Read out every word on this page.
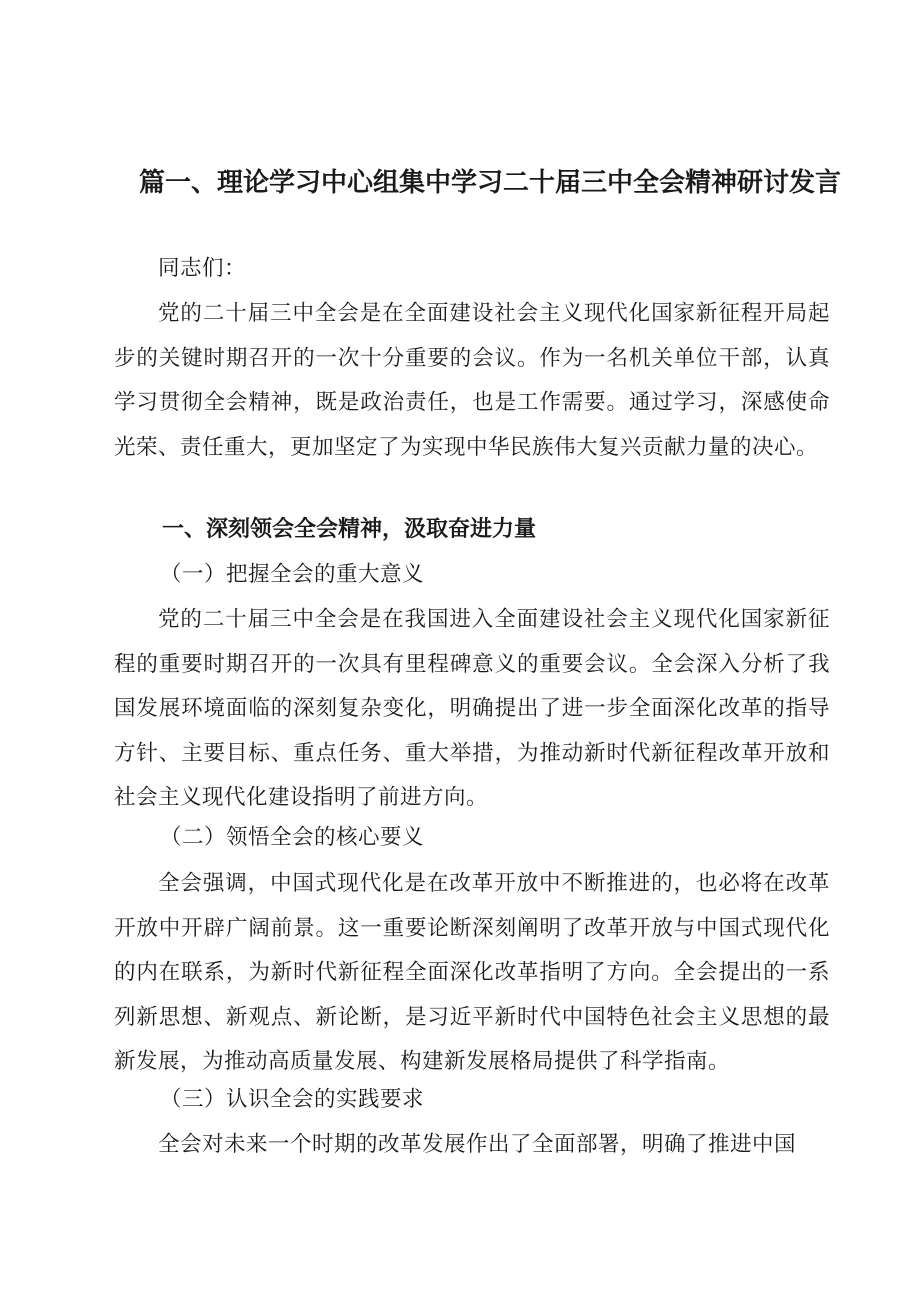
篇一、理论学习中心组集中学习二十届三中全会精神研讨发言

同志们：

党的二十届三中全会是在全面建设社会主义现代化国家新征程开局起步的关键时期召开的一次十分重要的会议。作为一名机关单位干部，认真学习贯彻全会精神，既是政治责任，也是工作需要。通过学习，深感使命光荣、责任重大，更加坚定了为实现中华民族伟大复兴贡献力量的决心。

一、深刻领会全会精神，汲取奋进力量
（一）把握全会的重大意义

党的二十届三中全会是在我国进入全面建设社会主义现代化国家新征程的重要时期召开的一次具有里程碑意义的重要会议。全会深入分析了我国发展环境面临的深刻复杂变化，明确提出了进一步全面深化改革的指导方针、主要目标、重点任务、重大举措，为推动新时代新征程改革开放和社会主义现代化建设指明了前进方向。

（二）领悟全会的核心要义

全会强调，中国式现代化是在改革开放中不断推进的，也必将在改革开放中开辟广阔前景。这一重要论断深刻阐明了改革开放与中国式现代化的内在联系，为新时代新征程全面深化改革指明了方向。全会提出的一系列新思想、新观点、新论断，是习近平新时代中国特色社会主义思想的最新发展，为推动高质量发展、构建新发展格局提供了科学指南。

（三）认识全会的实践要求

全会对未来一个时期的改革发展作出了全面部署，明确了推进中国
